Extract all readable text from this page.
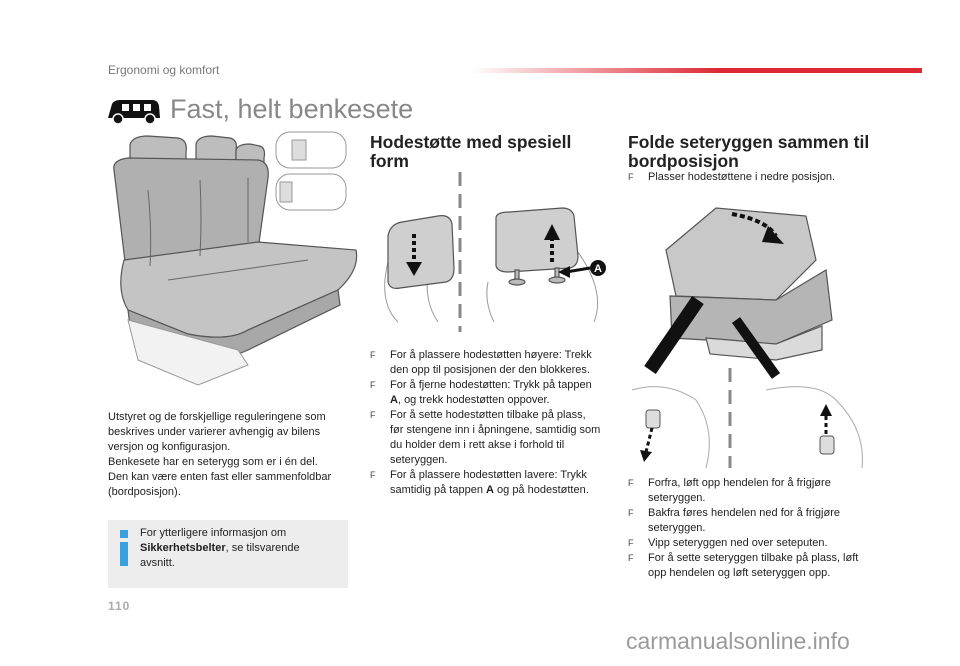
Ergonomi og komfort
Fast, helt benkesete
Hodestøtte med spesiell form
A
F For å plassere hodestøtten høyere: Trekk den opp til posisjonen der den blokkeres.
F For å fjerne hodestøtten: Trykk på tappen A, og trekk hodestøtten oppover.
F For å sette hodestøtten tilbake på plass, før stengene inn i åpningene, samtidig som du holder dem i rett akse i forhold til seteryggen.
F For å plassere hodestøtten lavere: Trykk samtidig på tappen A og på hodestøtten.
Folde seteryggen sammen til bordposisjon
F Plasser hodestøttene i nedre posisjon.
F Forfra, løft opp hendelen for å frigjøre seteryggen.
F Bakfra føres hendelen ned for å frigjøre seteryggen.
F Vipp seteryggen ned over seteputen.
F For å sette seteryggen tilbake på plass, løft opp hendelen og løft seteryggen opp.
Utstyret og de forskjellige reguleringene som
beskrives under varierer avhengig av bilens
versjon og konfigurasjon.
Benkesete har en seterygg som er i én del.
Den kan være enten fast eller sammenfoldbar
(bordposisjon).
For ytterligere informasjon om
Sikkerhetsbelter, se tilsvarende
avsnitt.
110
carmanualsonline.info
